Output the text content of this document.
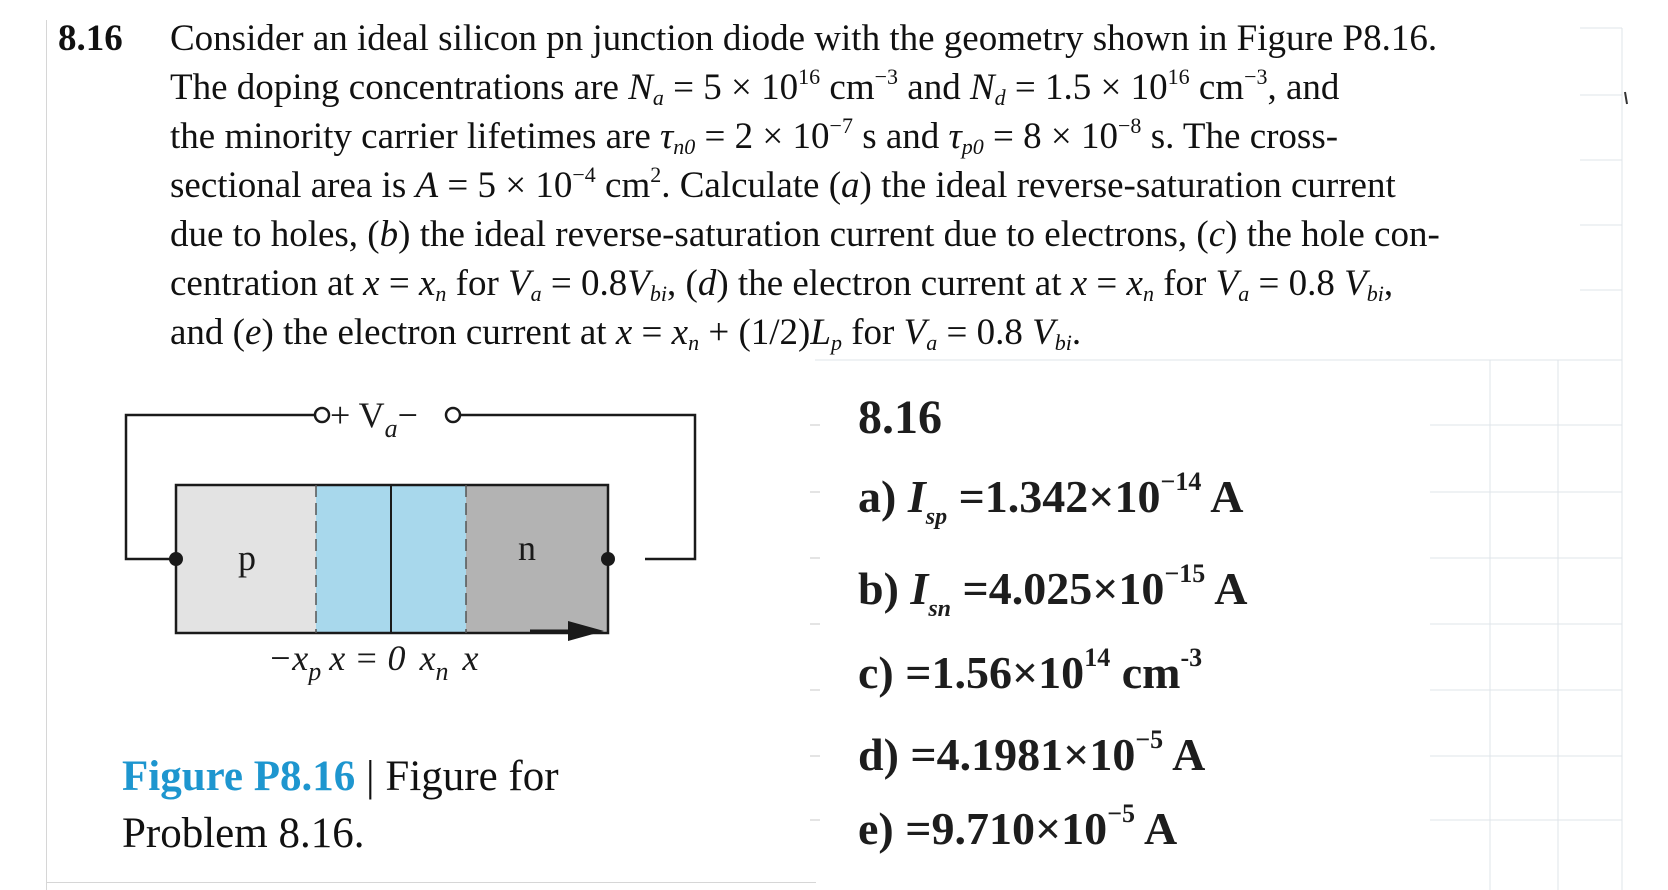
8.16 Consider an ideal silicon pn junction diode with the geometry shown in Figure P8.16.
The doping concentrations are $N_a = 5 \times 10^{16}$ $cm^{-3}$ and $N_d = 1.5 \times 10^{16}$ $cm^{-3}$, and
the minority carrier lifetimes are $\tau_{n0} = 2 \times 10^{-7}$ s and $\tau_{p0} = 8 \times 10^{-8}$ s. The cross-
sectional area is $A = 5 \times 10^{-4}$ $cm^2$. Calculate (a) the ideal reverse-saturation current
due to holes, (b) the ideal reverse-saturation current due to electrons, (c) the hole con-
centration at $x = x_n$ for $V_a = 0.8V_{bi}$, (d) the electron current at $x = x_n$ for $V_a = 0.8$ $V_{bi}$,
and (e) the electron current at $x = x_n + (1/2)L_p$ for $V_a = 0.8$ $V_{bi}$.
+ $V_a-$
p	n
$-x_p$ x = 0 $x_n$ x
Figure P8.16 | Figure for Problem 8.16.
8.16
a) $I_{sp} =1.342\times 10^{-14}$ A
b) $I_{sn} =4.025\times 10^{-15}$ A
$c) =1.56\times 10^{14}$ $cm^{-3}$
$d) =4.1981\times 10^{-5}$ A
$e) =9.710\times 10^{-5}$ A
